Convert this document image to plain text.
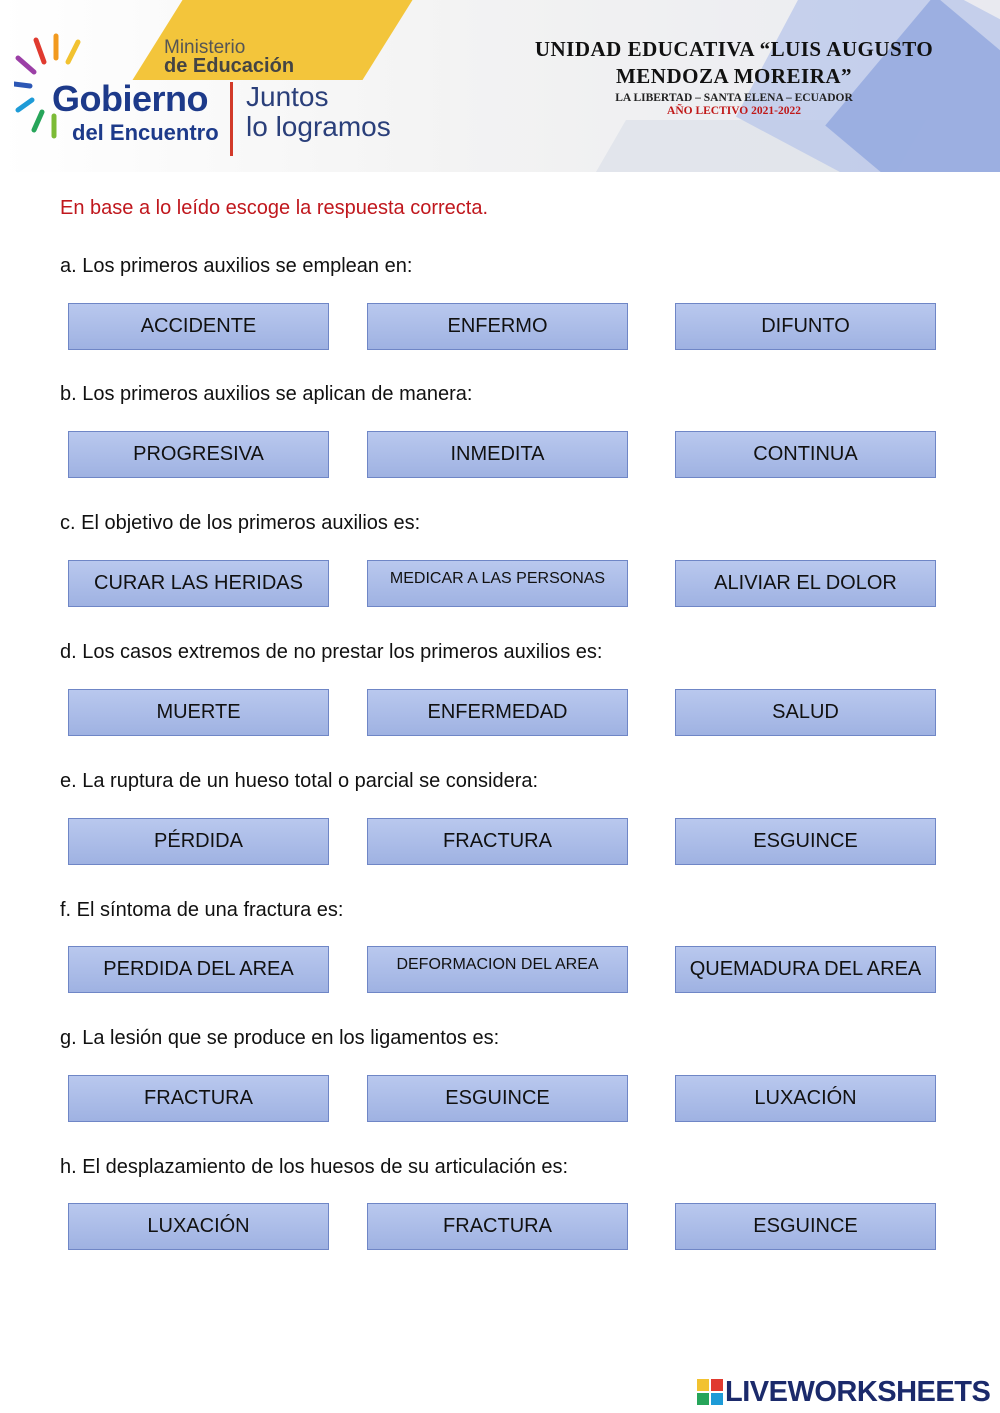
Ministerio
de Educación
Gobierno
del Encuentro
Juntos
lo logramos
UNIDAD EDUCATIVA “LUIS AUGUSTO
MENDOZA MOREIRA”
LA LIBERTAD – SANTA ELENA – ECUADOR
AÑO LECTIVO 2021-2022
En base a lo leído escoge la respuesta correcta.
a. Los primeros auxilios se emplean en:
ACCIDENTE	ENFERMO	DIFUNTO
b. Los primeros auxilios se aplican de manera:
PROGRESIVA	INMEDITA	CONTINUA
c. El objetivo de los primeros auxilios es:
CURAR LAS HERIDAS	MEDICAR A LAS PERSONAS	ALIVIAR EL DOLOR
d. Los casos extremos de no prestar los primeros auxilios es:
MUERTE	ENFERMEDAD	SALUD
e. La ruptura de un hueso total o parcial se considera:
PÉRDIDA	FRACTURA	ESGUINCE
f. El síntoma de una fractura es:
PERDIDA DEL AREA	DEFORMACION DEL AREA	QUEMADURA DEL AREA
g. La lesión que se produce en los ligamentos es:
FRACTURA	ESGUINCE	LUXACIÓN
h. El desplazamiento de los huesos de su articulación es:
LUXACIÓN	FRACTURA	ESGUINCE
LIVEWORKSHEETS
